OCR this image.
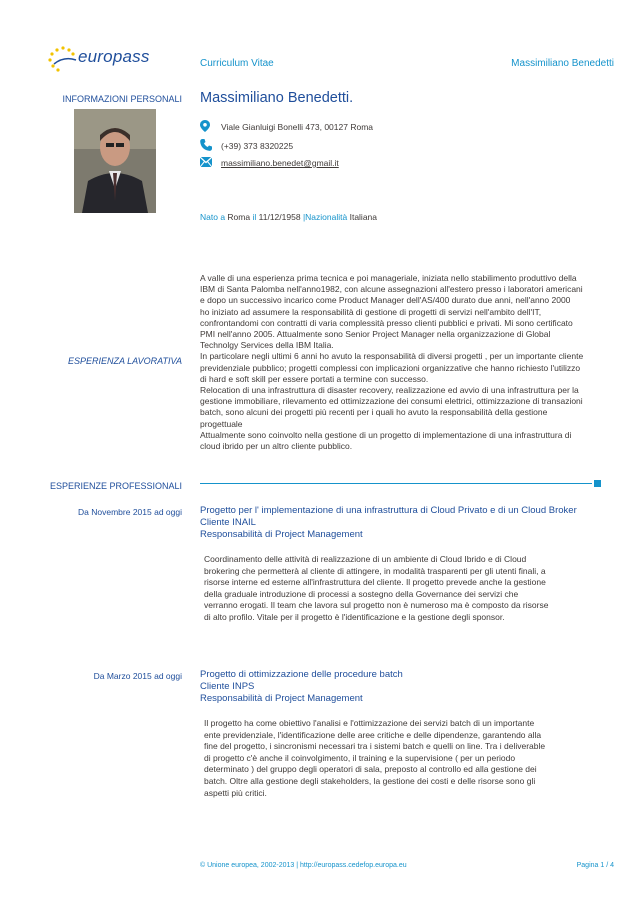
europass	Curriculum Vitae	Massimiliano Benedetti
INFORMAZIONI PERSONALI Massimiliano Benedetti.
Viale Gianluigi Bonelli 473, 00127 Roma
(+39) 373 8320225
massimiliano.benedet@gmail.it
Nato a Roma il 11/12/1958 |Nazionalità Italiana
ESPERIENZA LAVORATIVA
A valle di una esperienza prima tecnica e poi manageriale, iniziata nello stabilimento produttivo della
IBM di Santa Palomba nell'anno1982, con alcune assegnazioni all'estero presso i laboratori americani
e dopo un successivo incarico come Product Manager dell'AS/400 durato due anni, nell'anno 2000
ho iniziato ad assumere la responsabilità di gestione di progetti di servizi nell'ambito dell'IT,
confrontandomi con contratti di varia complessità presso clienti pubblici e privati. Mi sono certificato
PMI nell'anno 2005. Attualmente sono Senior Project Manager nella organizzazione di Global
Technolgy Services della IBM Italia.
In particolare negli ultimi 6 anni ho avuto la responsabilità di diversi progetti , per un importante cliente
previdenziale pubblico; progetti complessi con implicazioni organizzative che hanno richiesto l'utilizzo
di hard e soft skill per essere portati a termine con successo.
Relocation di una infrastruttura di disaster recovery, realizzazione ed avvio di una infrastruttura per la
gestione immobiliare, rilevamento ed ottimizzazione dei consumi elettrici, ottimizzazione di transazioni
batch, sono alcuni dei progetti più recenti per i quali ho avuto la responsabilità della gestione
progettuale
Attualmente sono coinvolto nella gestione di un progetto di implementazione di una infrastruttura di
cloud ibrido per un altro cliente pubblico.
ESPERIENZE PROFESSIONALI
Da Novembre 2015 ad oggi Progetto per l' implementazione di una infrastruttura di Cloud Privato e di un Cloud Broker
Cliente INAIL
Responsabilità di Project Management
Coordinamento delle attività di realizzazione di un ambiente di Cloud Ibrido e di Cloud
brokering che permetterà al cliente di attingere, in modalità trasparenti per gli utenti finali, a
risorse interne ed esterne all'infrastruttura del cliente. Il progetto prevede anche la gestione
della graduale introduzione di processi a sostegno della Governance dei servizi che
verranno erogati. Il team che lavora sul progetto non è numeroso ma è composto da risorse
di alto profilo. Vitale per il progetto è l'identificazione e la gestione degli sponsor.
Da Marzo 2015 ad oggi Progetto di ottimizzazione delle procedure batch
Cliente INPS
Responsabilità di Project Management
Il progetto ha come obiettivo l'analisi e l'ottimizzazione dei servizi batch di un importante
ente previdenziale, l'identificazione delle aree critiche e delle dipendenze, garantendo alla
fine del progetto, i sincronismi necessari tra i sistemi batch e quelli on line. Tra i deliverable
di progetto c'è anche il coinvolgimento, il training e la supervisione ( per un periodo
determinato ) del gruppo degli operatori di sala, preposto al controllo ed alla gestione dei
batch. Oltre alla gestione degli stakeholders, la gestione dei costi e delle risorse sono gli
aspetti più critici.
© Unione europea, 2002-2013 | http://europass.cedefop.europa.eu	Pagina 1 / 4
